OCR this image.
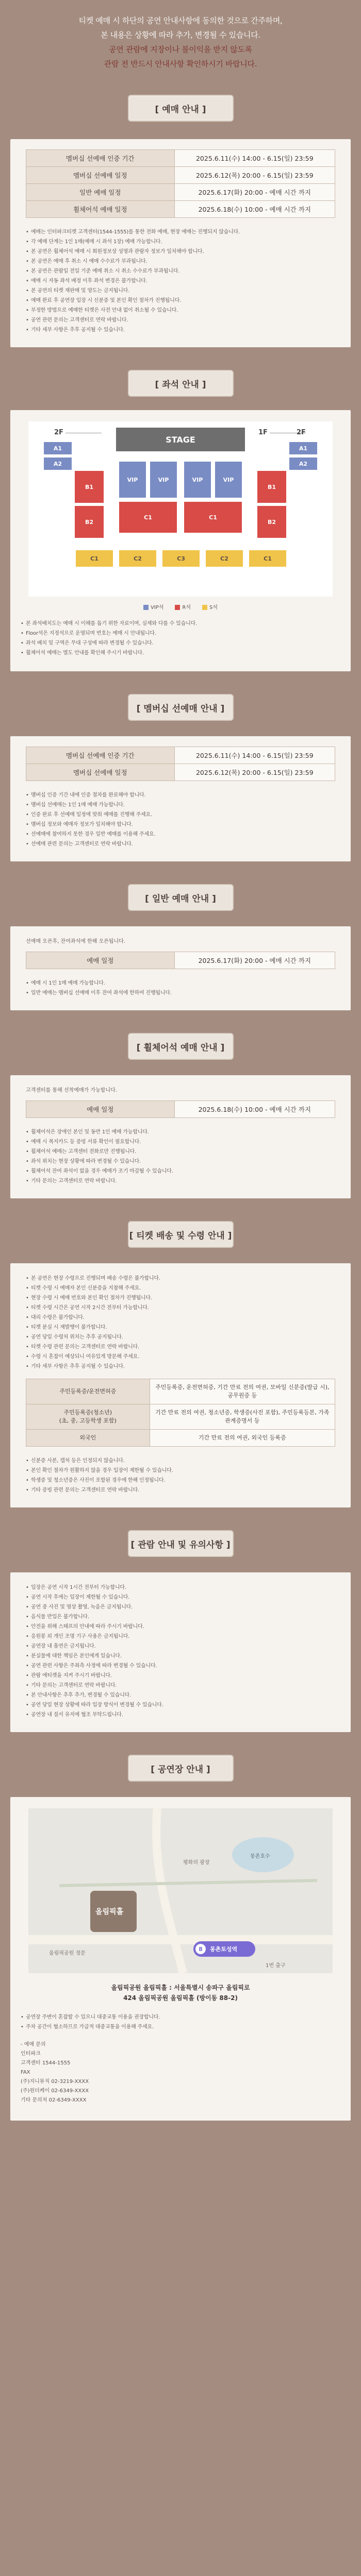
티켓 예매 시 하단의 공연 안내사항에 동의한 것으로 간주하며,

본 내용은 상황에 따라 추가, 변경될 수 있습니다.

공연 관람에 지장이나 불이익을 받지 않도록

관람 전 반드시 안내사항 확인하시기 바랍니다.

[ 예매 안내 ]
멤버십 선예매 인증 기간	2025.6.11(수) 14:00 - 6.15(일) 23:59
멤버십 선예매 일정	2025.6.12(목) 20:00 - 6.15(일) 23:59
일반 예매 일정	2025.6.17(화) 20:00 - 예매 시간 까지
휠체어석 예매 일정	2025.6.18(수) 10:00 - 예매 시간 까지
• 예매는 인터파크티켓 고객센터(1544-1555)를 통한 전화 예매, 현장 예매는 진행되지 않습니다.
• 각 예매 단계는 1인 1매(예매 시 좌석 1장) 예매 가능합니다.
• 본 공연은 휠체어석 예매 시 회원정보상 성명과 관람자 정보가 일치해야 합니다.
• 본 공연은 예매 후 취소 시 예매 수수료가 부과됩니다.
• 본 공연은 관람일 전일 기준 예매 취소 시 취소 수수료가 부과됩니다.
• 예매 시 자동 좌석 배정 이후 좌석 변경은 불가합니다.
• 본 공연의 티켓 재판매 및 양도는 금지됩니다.
• 예매 완료 후 공연장 입장 시 신분증 및 본인 확인 절차가 진행됩니다.
• 부정한 방법으로 예매한 티켓은 사전 안내 없이 취소될 수 있습니다.
• 공연 관련 문의는 고객센터로 연락 바랍니다.
• 기타 세부 사항은 추후 공지될 수 있습니다.
[ 좌석 안내 ]
2F	1F	2F
STAGE
A1
A2
A1
A2
B1
B2
B1
B2
VIP	VIP	VIP	VIP
C1	C1
C1	C2	C3	C2	C1
VIP석	R석	S석
• 본 좌석배치도는 예매 시 이해를 돕기 위한 자료이며, 실제와 다를 수 있습니다.
• Floor석은 지정석으로 운영되며 번호는 예매 시 안내됩니다.
• 좌석 배치 및 구역은 무대 구성에 따라 변경될 수 있습니다.
• 휠체어석 예매는 별도 안내를 확인해 주시기 바랍니다.
[ 멤버십 선예매 안내 ]
멤버십 선예매 인증 기간	2025.6.11(수) 14:00 - 6.15(일) 23:59
멤버십 선예매 일정	2025.6.12(목) 20:00 - 6.15(일) 23:59
• 멤버십 인증 기간 내에 인증 절차를 완료해야 합니다.
• 멤버십 선예매는 1인 1매 예매 가능합니다.
• 인증 완료 후 선예매 일정에 맞춰 예매를 진행해 주세요.
• 멤버십 정보와 예매자 정보가 일치해야 합니다.
• 선예매에 참여하지 못한 경우 일반 예매를 이용해 주세요.
• 선예매 관련 문의는 고객센터로 연락 바랍니다.
[ 일반 예매 안내 ]

선예매 오픈후, 잔여좌석에 한해 오픈됩니다.

예매 일정	2025.6.17(화) 20:00 - 예매 시간 까지
• 예매 시 1인 1매 예매 가능합니다.
• 일반 예매는 멤버십 선예매 이후 잔여 좌석에 한하여 진행됩니다.
[ 휠체어석 예매 안내 ]

고객센터를 통해 선착예매가 가능합니다.

예매 일정	2025.6.18(수) 10:00 - 예매 시간 까지
• 휠체어석은 장애인 본인 및 동반 1인 예매 가능합니다.
• 예매 시 복지카드 등 증빙 서류 확인이 필요합니다.
• 휠체어석 예매는 고객센터 전화로만 진행됩니다.
• 좌석 위치는 현장 상황에 따라 변경될 수 있습니다.
• 휠체어석 잔여 좌석이 없을 경우 예매가 조기 마감될 수 있습니다.
• 기타 문의는 고객센터로 연락 바랍니다.
[ 티켓 배송 및 수령 안내 ]
• 본 공연은 현장 수령으로 진행되며 배송 수령은 불가합니다.
• 티켓 수령 시 예매자 본인 신분증을 지참해 주세요.
• 현장 수령 시 예매 번호와 본인 확인 절차가 진행됩니다.
• 티켓 수령 시간은 공연 시작 2시간 전부터 가능합니다.
• 대리 수령은 불가합니다.
• 티켓 분실 시 재발행이 불가합니다.
• 공연 당일 수령처 위치는 추후 공지됩니다.
• 티켓 수령 관련 문의는 고객센터로 연락 바랍니다.
• 수령 시 혼잡이 예상되니 여유있게 방문해 주세요.
• 기타 세부 사항은 추후 공지될 수 있습니다.
주민등록증/운전면허증	주민등록증, 운전면허증, 기간 만료 전의 여권, 모바일 신분증(발급 시), 공무원증 등
주민등록증(청소년)
(초, 중, 고등학생 포함)	기간 만료 전의 여권, 청소년증, 학생증(사진 포함), 주민등록등본, 가족관계증명서 등
외국인	기간 만료 전의 여권, 외국인 등록증
• 신분증 사본, 캡처 등은 인정되지 않습니다.
• 본인 확인 절차가 원활하지 않을 경우 입장이 제한될 수 있습니다.
• 학생증 및 청소년증은 사진이 포함된 경우에 한해 인정됩니다.
• 기타 증빙 관련 문의는 고객센터로 연락 바랍니다.
[ 관람 안내 및 유의사항 ]
• 입장은 공연 시작 1시간 전부터 가능합니다.
• 공연 시작 후에는 입장이 제한될 수 있습니다.
• 공연 중 사진 및 영상 촬영, 녹음은 금지됩니다.
• 음식물 반입은 불가합니다.
• 안전을 위해 스태프의 안내에 따라 주시기 바랍니다.
• 응원봉 외 개인 조명 기구 사용은 금지됩니다.
• 공연장 내 흡연은 금지됩니다.
• 분실물에 대한 책임은 본인에게 있습니다.
• 공연 관련 사항은 주최측 사정에 따라 변경될 수 있습니다.
• 관람 에티켓을 지켜 주시기 바랍니다.
• 기타 문의는 고객센터로 연락 바랍니다.
• 본 안내사항은 추후 추가, 변경될 수 있습니다.
• 공연 당일 현장 상황에 따라 입장 방식이 변경될 수 있습니다.
• 공연장 내 질서 유지에 협조 부탁드립니다.
[ 공연장 안내 ]
8
올림픽홀
몽촌토성역
올림픽공원 정문
평화의 광장
몽촌호수
1번 출구
올림픽공원 올림픽홀 : 서울특별시 송파구 올림픽로
424 올림픽공원 올림픽홀 (방이동 88-2)
• 공연장 주변이 혼잡할 수 있으니 대중교통 이용을 권장합니다.
• 주차 공간이 협소하므로 가급적 대중교통을 이용해 주세요.
- 예매 문의
인터파크
고객센터 1544-1555
FAX
(주)지니뮤직 02-3219-XXXX
(주)원더케이 02-6349-XXXX
기타 문의처 02-6349-XXXX
